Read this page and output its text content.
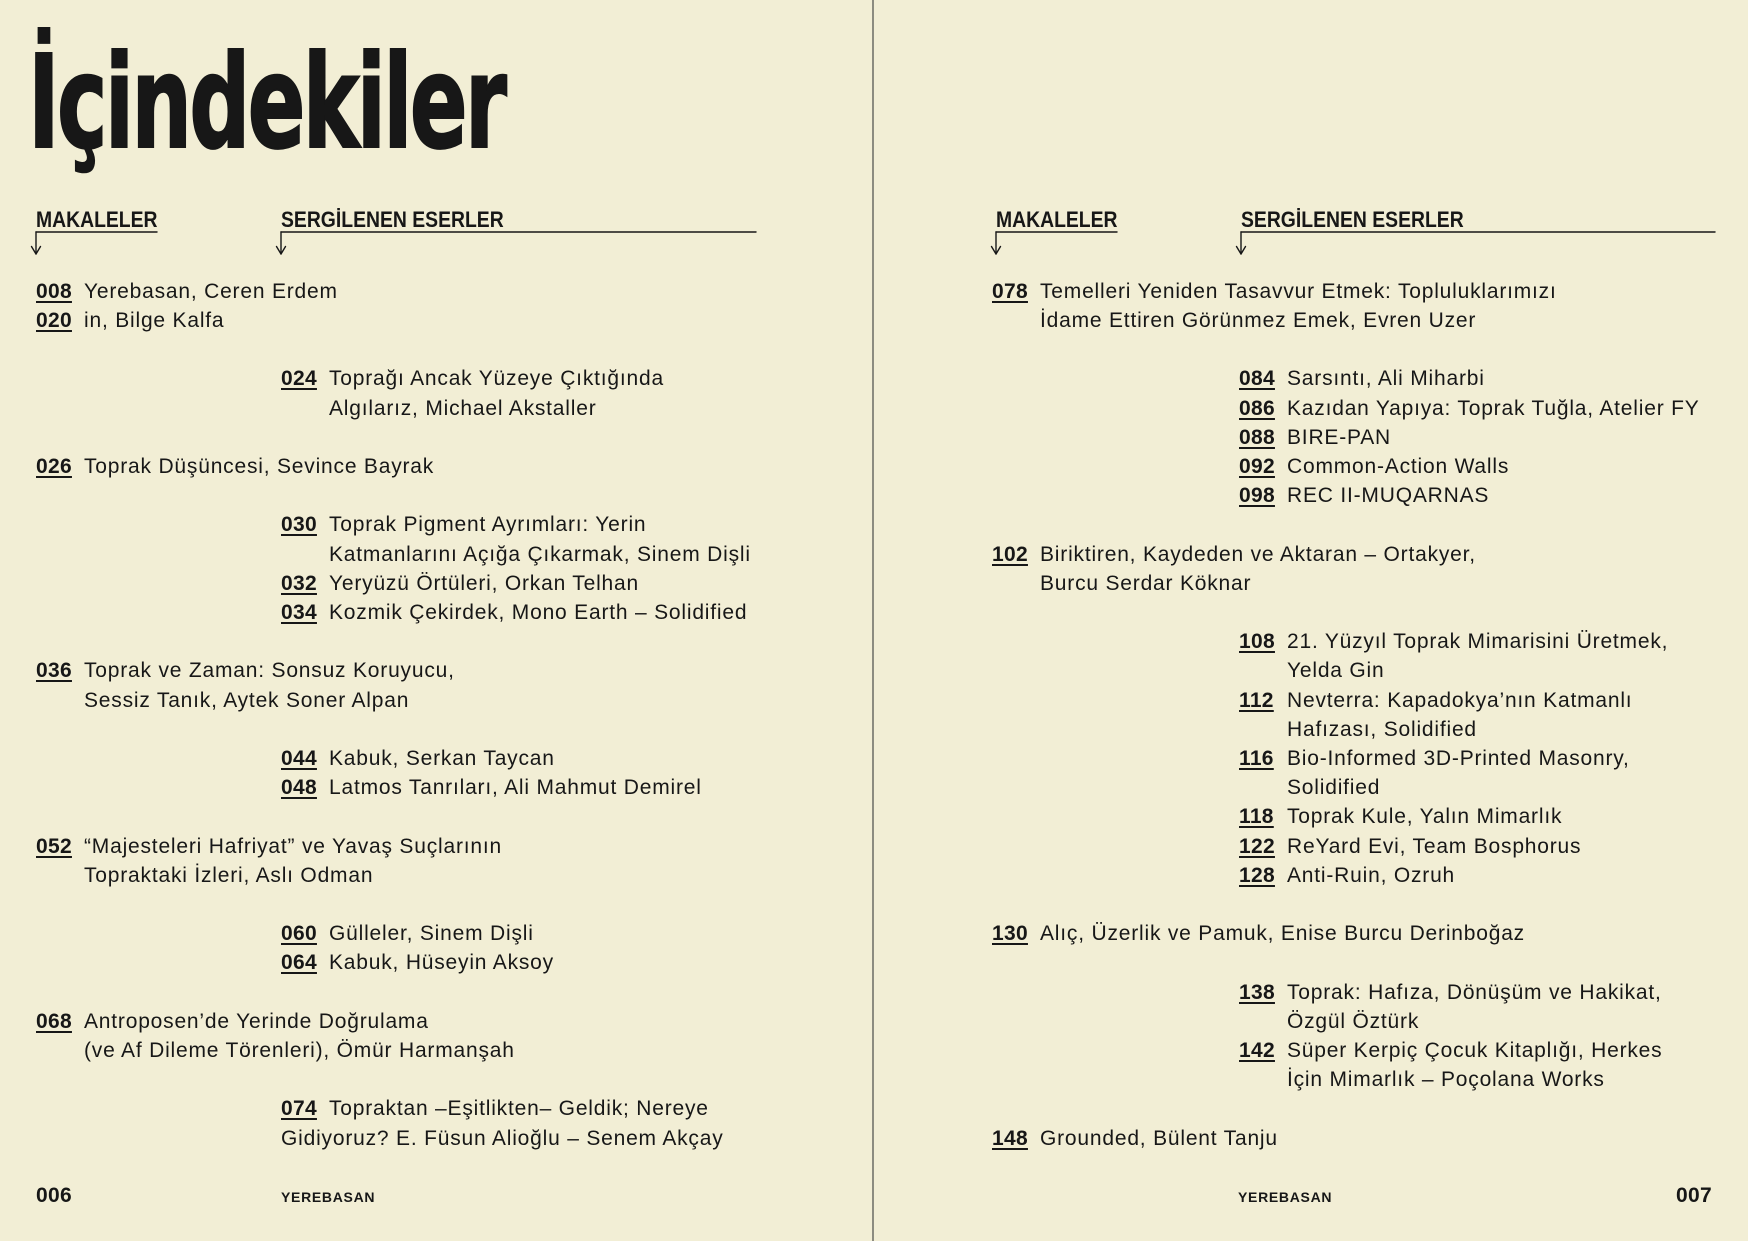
İçindekiler
MAKALELER	SERGİLENEN ESERLER	MAKALELER	SERGİLENEN ESERLER
008 Yerebasan, Ceren Erdem
020 in, Bilge Kalfa
026 Toprak Düşüncesi, Sevince Bayrak
036 Toprak ve Zaman: Sonsuz Koruyucu,
Sessiz Tanık, Aytek Soner Alpan
052 “Majesteleri Hafriyat” ve Yavaş Suçlarının
Topraktaki İzleri, Aslı Odman
068 Antroposen’de Yerinde Doğrulama
(ve Af Dileme Törenleri), Ömür Harmanşah
024 Toprağı Ancak Yüzeye Çıktığında
Algılarız, Michael Akstaller
030 Toprak Pigment Ayrımları: Yerin
Katmanlarını Açığa Çıkarmak, Sinem Dişli
032 Yeryüzü Örtüleri, Orkan Telhan
034 Kozmik Çekirdek, Mono Earth – Solidified
044 Kabuk, Serkan Taycan
048 Latmos Tanrıları, Ali Mahmut Demirel
060 Gülleler, Sinem Dişli
064 Kabuk, Hüseyin Aksoy
074 Topraktan –Eşitlikten– Geldik; Nereye
Gidiyoruz? E. Füsun Alioğlu – Senem Akçay
006	YEREBASAN
078 Temelleri Yeniden Tasavvur Etmek: Topluluklarımızı
İdame Ettiren Görünmez Emek, Evren Uzer
102 Biriktiren, Kaydeden ve Aktaran – Ortakyer,
Burcu Serdar Köknar
130 Alıç, Üzerlik ve Pamuk, Enise Burcu Derinboğaz
148 Grounded, Bülent Tanju
084 Sarsıntı, Ali Miharbi
086 Kazıdan Yapıya: Toprak Tuğla, Atelier FY
088 BIRE-PAN
092 Common-Action Walls
098 REC II-MUQARNAS
108 21. Yüzyıl Toprak Mimarisini Üretmek,
Yelda Gin
112 Nevterra: Kapadokya’nın Katmanlı
Hafızası, Solidified
116 Bio-Informed 3D-Printed Masonry,
Solidified
118 Toprak Kule, Yalın Mimarlık
122 ReYard Evi, Team Bosphorus
128 Anti-Ruin, Ozruh
138 Toprak: Hafıza, Dönüşüm ve Hakikat,
Özgül Öztürk
142 Süper Kerpiç Çocuk Kitaplığı, Herkes
İçin Mimarlık – Poçolana Works
YEREBASAN	007
